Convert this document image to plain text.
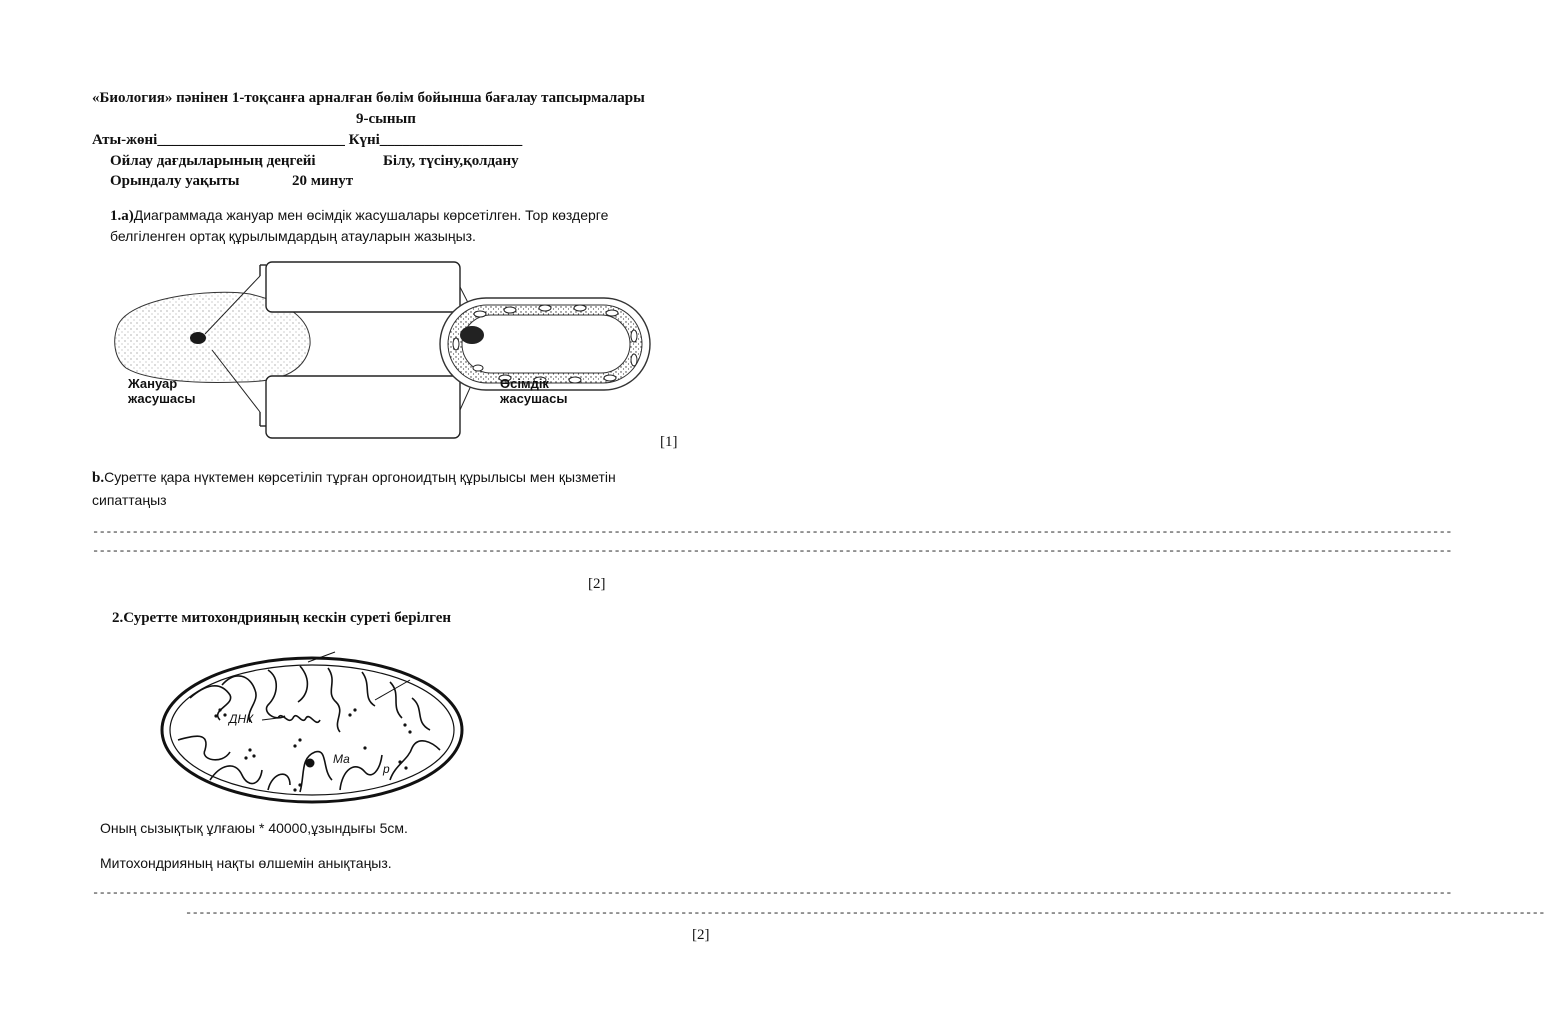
«Биология» пәнінен 1-тоқсанға арналған бөлім бойынша бағалау тапсырмалары
9-сынып
Аты-жөні_________________________ Күні___________________
Ойлау дағдыларының деңгейі	Білу, түсіну,қолдану
Орындалу уақыты	20 минут
1.а)Диаграммада жануар мен өсімдік жасушалары көрсетілген. Тор көздерге
белгіленген ортақ құрылымдардың атауларын жазыңыз.
Жануар
жасушасы
Өсімдік
жасушасы
[1]
b.Суретте қара нүктемен көрсетіліп тұрған оргоноидтың құрылысы мен қызметін
сипаттаңыз
--------------------------------------------------------------------------------------------------------------------------------------------------------------------------------------------------------------
--------------------------------------------------------------------------------------------------------------------------------------------------------------------------------------------------------------
[2]
2.Суретте митохондрияның кескін суреті берілген
ДНК
Ма
р
Оның сызықтық ұлғаюы * 40000,ұзындығы 5см.
Митохондрияның нақты өлшемін анықтаңыз.
--------------------------------------------------------------------------------------------------------------------------------------------------------------------------------------------------------------
--------------------------------------------------------------------------------------------------------------------------------------------------------------------------------------------------------------
[2]
